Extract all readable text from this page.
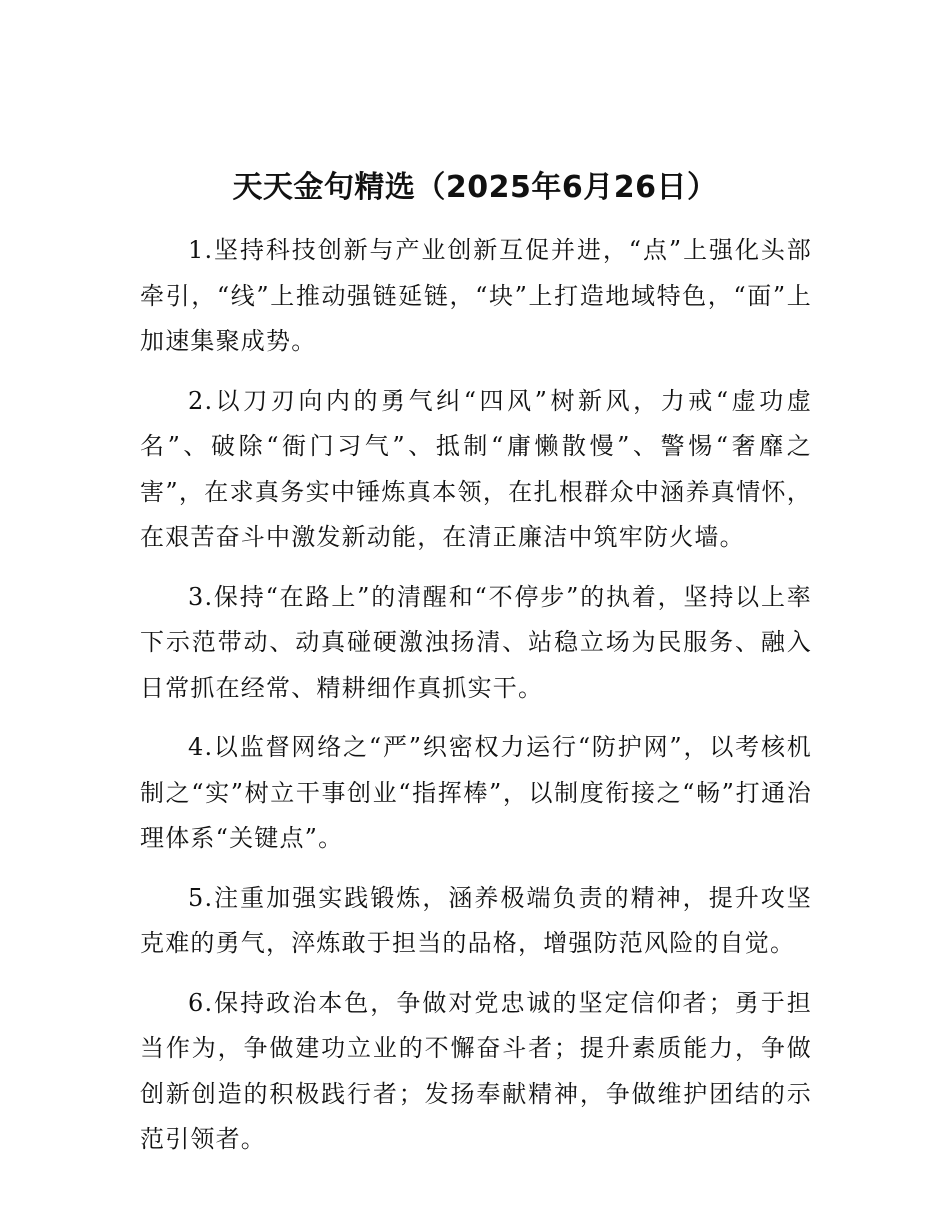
天天金句精选（2025年6月26日）

1.坚持科技创新与产业创新互促并进，“点”上强化头部牵引，“线”上推动强链延链，“块”上打造地域特色，“面”上加速集聚成势。

2.以刀刃向内的勇气纠“四风”树新风，力戒“虚功虚名”、破除“衙门习气”、抵制“庸懒散慢”、警惕“奢靡之害”，在求真务实中锤炼真本领，在扎根群众中涵养真情怀，在艰苦奋斗中激发新动能，在清正廉洁中筑牢防火墙。

3.保持“在路上”的清醒和“不停步”的执着，坚持以上率下示范带动、动真碰硬激浊扬清、站稳立场为民服务、融入日常抓在经常、精耕细作真抓实干。

4.以监督网络之“严”织密权力运行“防护网”，以考核机制之“实”树立干事创业“指挥棒”，以制度衔接之“畅”打通治理体系“关键点”。

5.注重加强实践锻炼，涵养极端负责的精神，提升攻坚克难的勇气，淬炼敢于担当的品格，增强防范风险的自觉。

6.保持政治本色，争做对党忠诚的坚定信仰者；勇于担当作为，争做建功立业的不懈奋斗者；提升素质能力，争做创新创造的积极践行者；发扬奉献精神，争做维护团结的示范引领者。
